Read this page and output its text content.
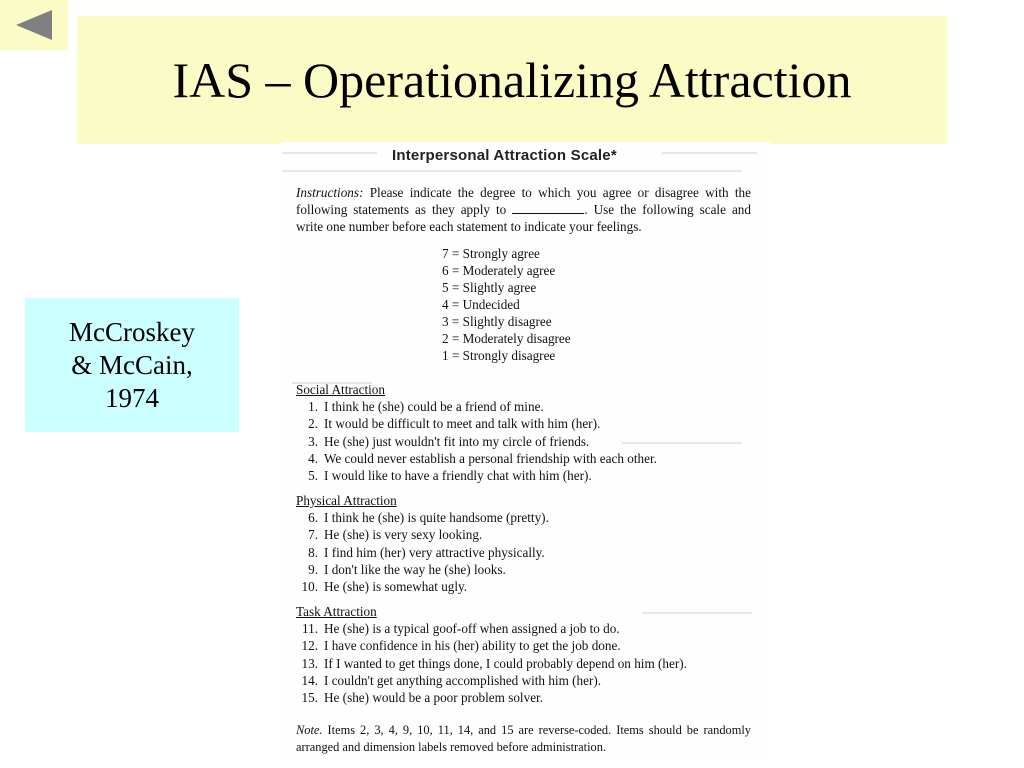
IAS – Operationalizing Attraction
McCroskey
& McCain,
1974
Interpersonal Attraction Scale*
Instructions: Please indicate the degree to which you agree or disagree with the following statements as they apply to	. Use the following scale and write one number before each statement to indicate your feelings.
7 = Strongly agree
6 = Moderately agree
5 = Slightly agree
4 = Undecided
3 = Slightly disagree
2 = Moderately disagree
1 = Strongly disagree
Social Attraction
1. I think he (she) could be a friend of mine.
2. It would be difficult to meet and talk with him (her).
3. He (she) just wouldn't fit into my circle of friends.
4. We could never establish a personal friendship with each other.
5. I would like to have a friendly chat with him (her).
Physical Attraction
6. I think he (she) is quite handsome (pretty).
7. He (she) is very sexy looking.
8. I find him (her) very attractive physically.
9. I don't like the way he (she) looks.
10. He (she) is somewhat ugly.
Task Attraction
11. He (she) is a typical goof-off when assigned a job to do.
12. I have confidence in his (her) ability to get the job done.
13. If I wanted to get things done, I could probably depend on him (her).
14. I couldn't get anything accomplished with him (her).
15. He (she) would be a poor problem solver.
Note. Items 2, 3, 4, 9, 10, 11, 14, and 15 are reverse-coded. Items should be randomly arranged and dimension labels removed before administration.
